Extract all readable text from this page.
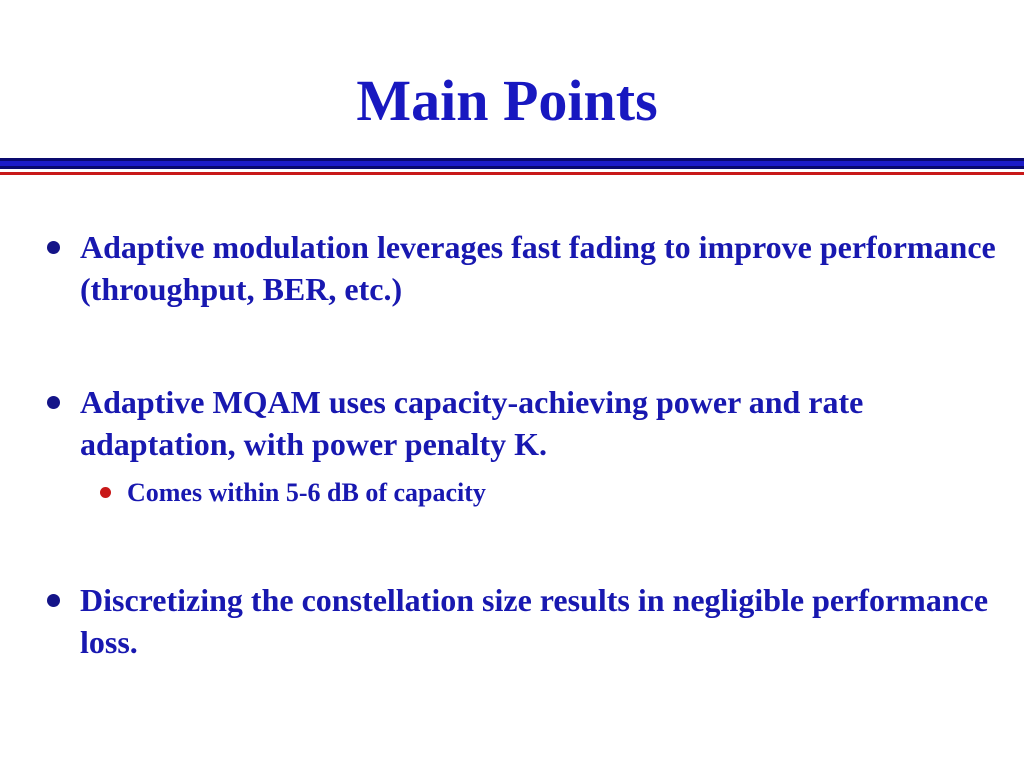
Main Points
Adaptive modulation leverages fast fading to improve performance (throughput, BER, etc.)
Adaptive MQAM uses capacity-achieving power and rate adaptation, with power penalty K.
Comes within 5-6 dB of capacity
Discretizing the constellation size results in negligible performance loss.
